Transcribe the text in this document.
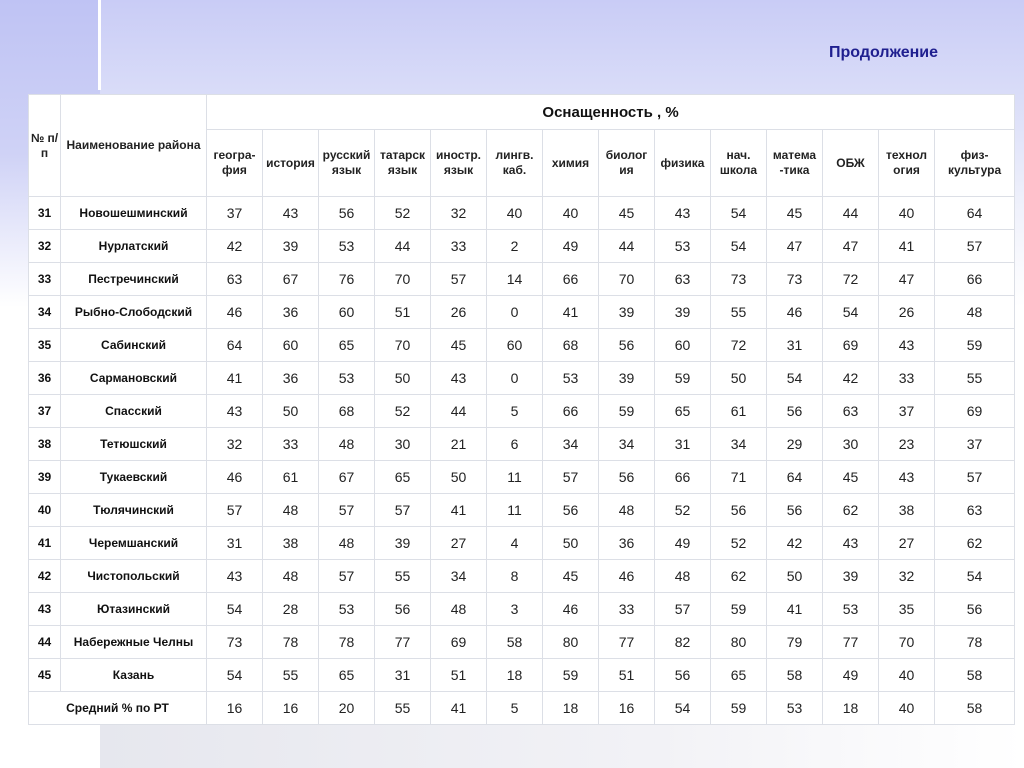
Продолжение
№ п/п	Наименование района	Оснащенность , %													

		геогра-фия	история	русский язык	татарск язык	иностр. язык	лингв. каб.	химия	биолог ия	физика	нач. школа	матема -тика	ОБЖ	технол огия	физ- культура

31	Новошешминский	37	43	56	52	32	40	40	45	43	54	45	44	40	64
32	Нурлатский	42	39	53	44	33	2	49	44	53	54	47	47	41	57
33	Пестречинский	63	67	76	70	57	14	66	70	63	73	73	72	47	66
34	Рыбно-Слободский	46	36	60	51	26	0	41	39	39	55	46	54	26	48
35	Сабинский	64	60	65	70	45	60	68	56	60	72	31	69	43	59
36	Сармановский	41	36	53	50	43	0	53	39	59	50	54	42	33	55
37	Спасский	43	50	68	52	44	5	66	59	65	61	56	63	37	69
38	Тетюшский	32	33	48	30	21	6	34	34	31	34	29	30	23	37
39	Тукаевский	46	61	67	65	50	11	57	56	66	71	64	45	43	57
40	Тюлячинский	57	48	57	57	41	11	56	48	52	56	56	62	38	63
41	Черемшанский	31	38	48	39	27	4	50	36	49	52	42	43	27	62
42	Чистопольский	43	48	57	55	34	8	45	46	48	62	50	39	32	54
43	Ютазинский	54	28	53	56	48	3	46	33	57	59	41	53	35	56
44	Набережные Челны	73	78	78	77	69	58	80	77	82	80	79	77	70	78
45	Казань	54	55	65	31	51	18	59	51	56	65	58	49	40	58
Средний % по РТ		16	16	20	55	41	5	18	16	54	59	53	18	40	58
